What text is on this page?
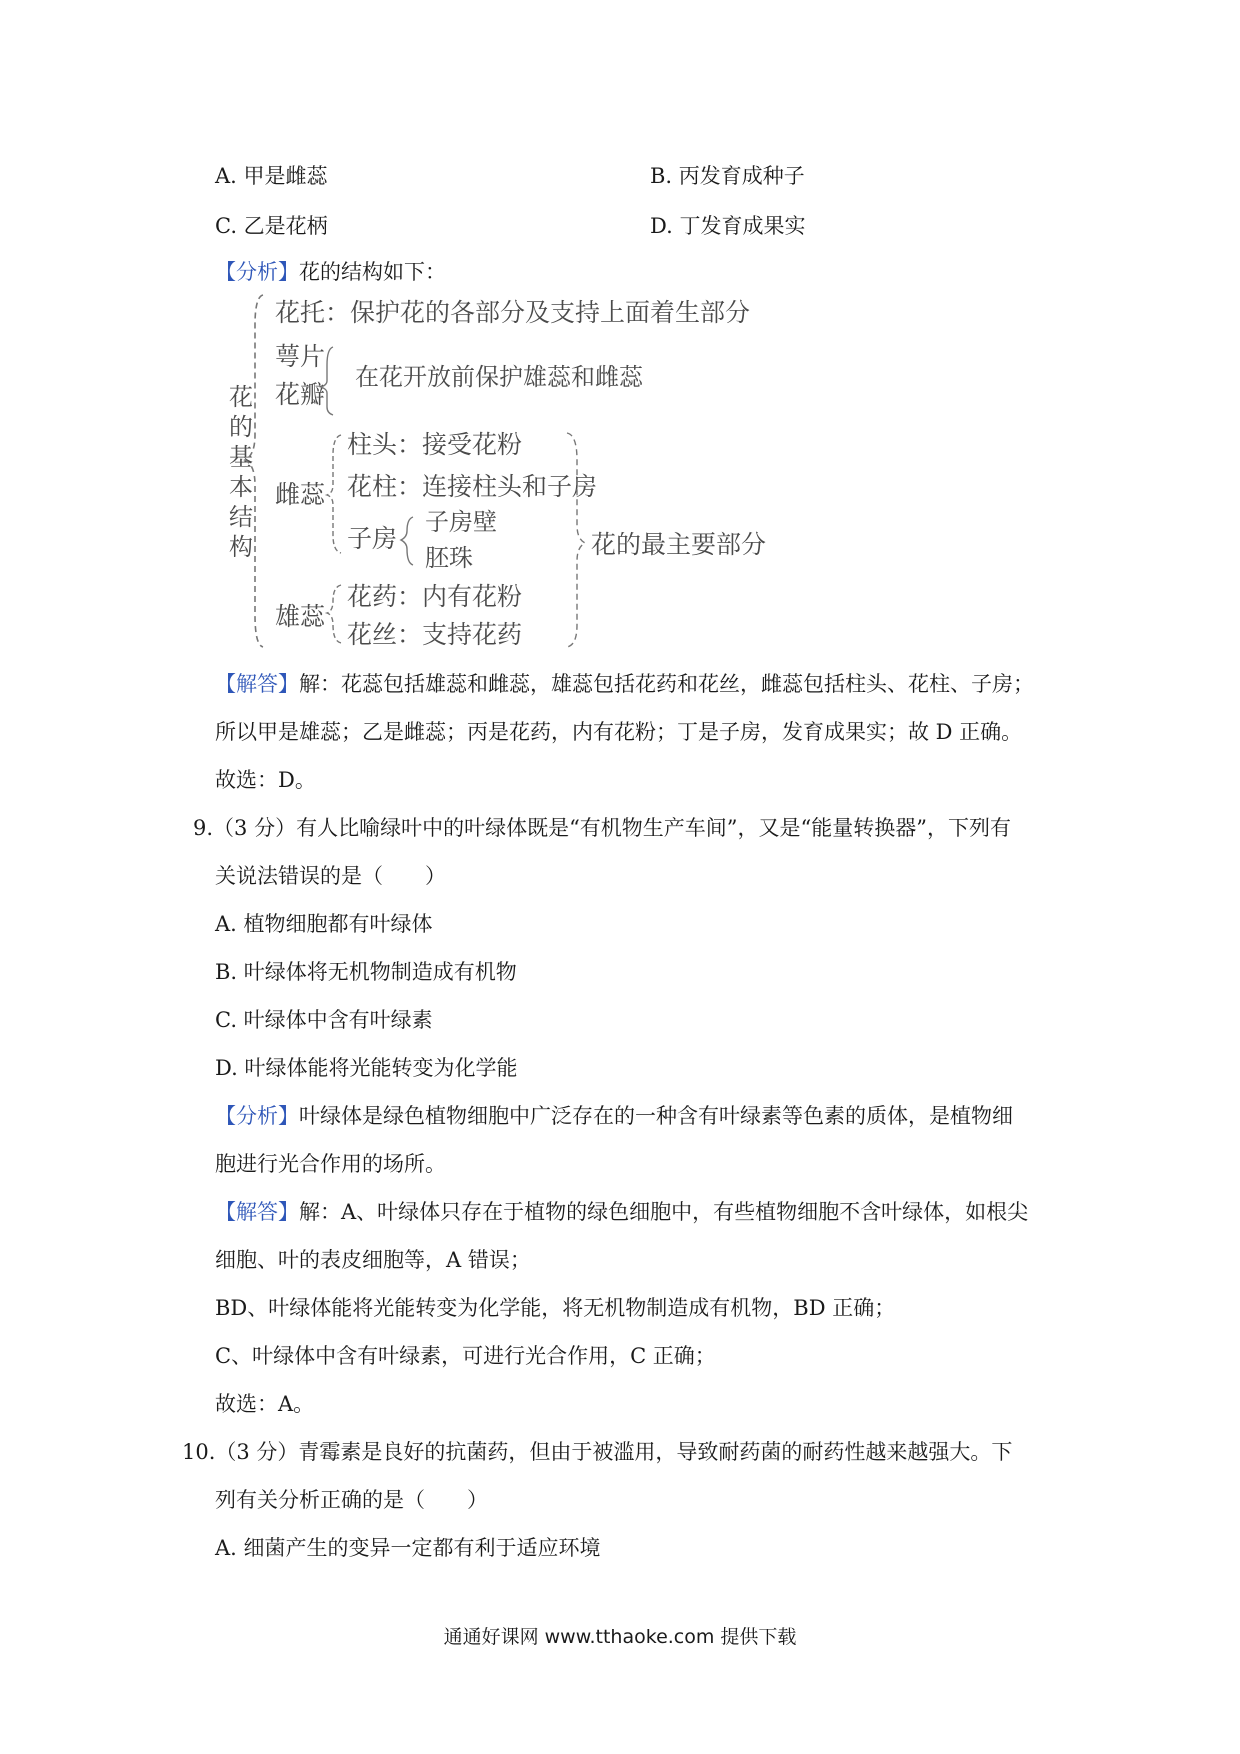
A. 甲是雌蕊	B. 丙发育成种子
C. 乙是花柄	D. 丁发育成果实
【分析】花的结构如下：
花
的
基
本
结
构
花托：保护花的各部分及支持上面着生部分
萼片
花瓣
在花开放前保护雄蕊和雌蕊
雌蕊
柱头：接受花粉
花柱：连接柱头和子房
子房
子房壁
胚珠
雄蕊
花药：内有花粉
花丝：支持花药
花的最主要部分
【解答】解：花蕊包括雄蕊和雌蕊，雄蕊包括花药和花丝，雌蕊包括柱头、花柱、子房；
所以甲是雄蕊；乙是雌蕊；丙是花药，内有花粉；丁是子房，发育成果实；故 D 正确。
故选：D。
9.（3 分）有人比喻绿叶中的叶绿体既是“有机物生产车间”，又是“能量转换器”，下列有
关说法错误的是（　　）
A. 植物细胞都有叶绿体
B. 叶绿体将无机物制造成有机物
C. 叶绿体中含有叶绿素
D. 叶绿体能将光能转变为化学能
【分析】叶绿体是绿色植物细胞中广泛存在的一种含有叶绿素等色素的质体，是植物细
胞进行光合作用的场所。
【解答】解：A、叶绿体只存在于植物的绿色细胞中，有些植物细胞不含叶绿体，如根尖
细胞、叶的表皮细胞等，A 错误；
BD、叶绿体能将光能转变为化学能，将无机物制造成有机物，BD 正确；
C、叶绿体中含有叶绿素，可进行光合作用，C 正确；
故选：A。
10.（3 分）青霉素是良好的抗菌药，但由于被滥用，导致耐药菌的耐药性越来越强大。下
列有关分析正确的是（　　）
A. 细菌产生的变异一定都有利于适应环境
通通好课网 www.tthaoke.com 提供下载
